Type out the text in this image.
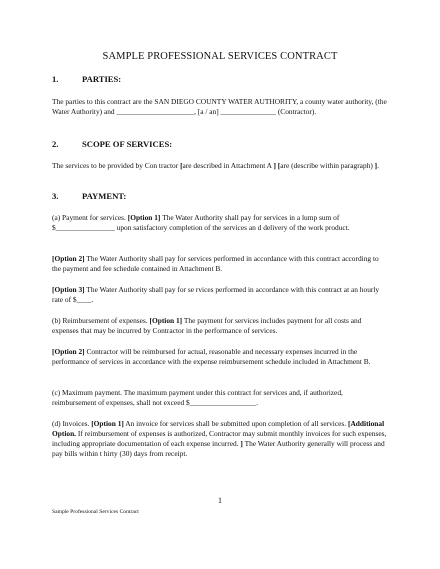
SAMPLE PROFESSIONAL SERVICES CONTRACT
1.	PARTIES:

The parties to this contract are the SAN DIEGO COUNTY WATER AUTHORITY, a county water authority, (the Water Authority) and _____________________, [a / an] _______________ (Contractor).

2.	SCOPE OF SERVICES:

The services to be provided by Con tractor [are described in Attachment A ] [are (describe within paragraph) ].

3.	PAYMENT:

(a) Payment for services. [Option 1] The Water Authority shall pay for services in a lump sum of $________________ upon satisfactory completion of the services an d delivery of the work product.

[Option 2] The Water Authority shall pay for services performed in accordance with this contract according to the payment and fee schedule contained in Attachment B.

[Option 3] The Water Authority shall pay for se rvices performed in accordance with this contract at an hourly rate of $____.

(b) Reimbursement of expenses. [Option 1] The payment for services includes payment for all costs and expenses that may be incurred by Contractor in the performance of services.

[Option 2] Contractor will be reimbursed for actual, reasonable and necessary expenses incurred in the performance of services in accordance with the expense reimbursement schedule included in Attachment B.

(c) Maximum payment. The maximum payment under this contract for services and, if authorized, reimbursement of expenses, shall not exceed $__________________.

(d) Invoices. [Option 1] An invoice for services shall be submitted upon completion of all services. [Additional Option. If reimbursement of expenses is authorized, Contractor may submit monthly invoices for such expenses, including appropriate documentation of each expense incurred. ] The Water Authority generally will process and pay bills within t hirty (30) days from receipt.

1
Sample Professional Services Contract
